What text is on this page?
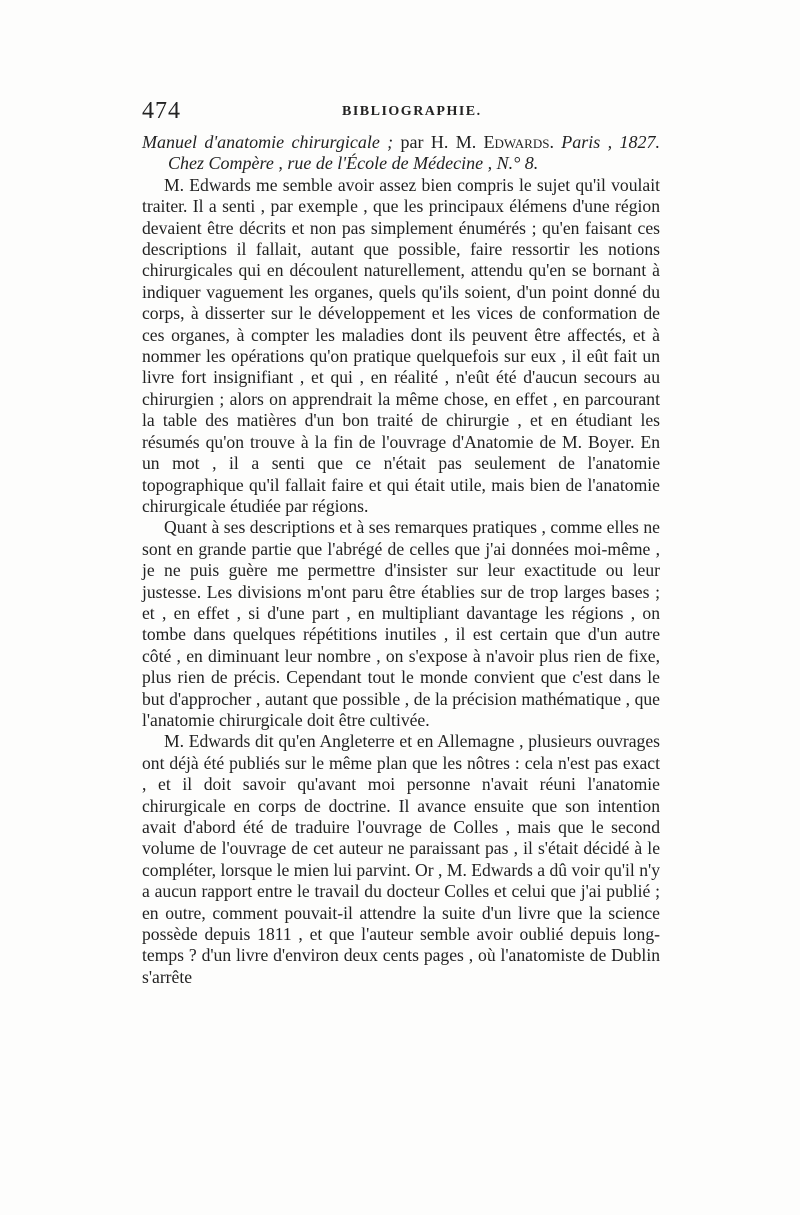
474	BIBLIOGRAPHIE.

Manuel d'anatomie chirurgicale ; par H. M. Edwards. Paris , 1827. Chez Compère , rue de l'École de Médecine , N.° 8.

M. Edwards me semble avoir assez bien compris le sujet qu'il voulait traiter. Il a senti , par exemple , que les principaux élémens d'une région devaient être décrits et non pas simplement énumérés ; qu'en faisant ces descriptions il fallait, autant que possible, faire ressortir les notions chirurgicales qui en découlent naturellement, attendu qu'en se bornant à indiquer vaguement les organes, quels qu'ils soient, d'un point donné du corps, à disserter sur le développement et les vices de conformation de ces organes, à compter les maladies dont ils peuvent être affectés, et à nommer les opérations qu'on pratique quelquefois sur eux , il eût fait un livre fort insignifiant , et qui , en réalité , n'eût été d'aucun secours au chirurgien ; alors on apprendrait la même chose, en effet , en parcourant la table des matières d'un bon traité de chirurgie , et en étudiant les résumés qu'on trouve à la fin de l'ouvrage d'Anatomie de M. Boyer. En un mot , il a senti que ce n'était pas seulement de l'anatomie topographique qu'il fallait faire et qui était utile, mais bien de l'anatomie chirurgicale étudiée par régions.

Quant à ses descriptions et à ses remarques pratiques , comme elles ne sont en grande partie que l'abrégé de celles que j'ai données moi-même , je ne puis guère me permettre d'insister sur leur exactitude ou leur justesse. Les divisions m'ont paru être établies sur de trop larges bases ; et , en effet , si d'une part , en multipliant davantage les régions , on tombe dans quelques répétitions inutiles , il est certain que d'un autre côté , en diminuant leur nombre , on s'expose à n'avoir plus rien de fixe, plus rien de précis. Cependant tout le monde convient que c'est dans le but d'approcher , autant que possible , de la précision mathématique , que l'anatomie chirurgicale doit être cultivée.

M. Edwards dit qu'en Angleterre et en Allemagne , plusieurs ouvrages ont déjà été publiés sur le même plan que les nôtres : cela n'est pas exact , et il doit savoir qu'avant moi personne n'avait réuni l'anatomie chirurgicale en corps de doctrine. Il avance ensuite que son intention avait d'abord été de traduire l'ouvrage de Colles , mais que le second volume de l'ouvrage de cet auteur ne paraissant pas , il s'était décidé à le compléter, lorsque le mien lui parvint. Or , M. Edwards a dû voir qu'il n'y a aucun rapport entre le travail du docteur Colles et celui que j'ai publié ; en outre, comment pouvait-il attendre la suite d'un livre que la science possède depuis 1811 , et que l'auteur semble avoir oublié depuis long-temps ? d'un livre d'environ deux cents pages , où l'anatomiste de Dublin s'arrête
